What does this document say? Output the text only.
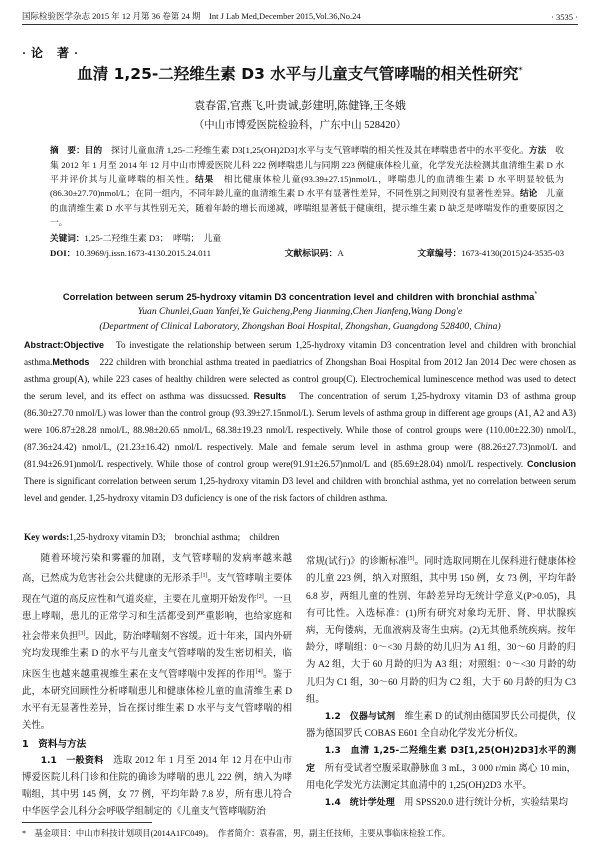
国际检验医学杂志 2015 年 12 月第 36 卷第 24 期　Int J Lab Med,December 2015,Vol.36,No.24	· 3535 ·
· 论　著 ·
血清 1,25-二羟维生素 D3 水平与儿童支气管哮喘的相关性研究*
袁春雷,官燕飞,叶贵诚,彭建明,陈健锋,王冬娥
（中山市博爱医院检验科，广东中山 528420）
摘　要：目的　 探讨儿童血清 1,25-二羟维生素 D3[1,25(OH)2D3]水平与支气管哮喘的相关性及其在哮喘患者中的水平变化。方法　 收集 2012 年 1 月至 2014 年 12 月中山市博爱医院儿科 222 例哮喘患儿与同期 223 例健康体检儿童，化学发光法检测其血清维生素 D 水平并评价其与儿童哮喘的相关性。结果　 相比健康体检儿童(93.39±27.15)nmol/L，哮喘患儿的血清维生素 D 水平明显较低为(86.30±27.70)nmol/L；在同一组内，不同年龄儿童的血清维生素 D 水平有显著性差异，不同性别之间则没有显著性差异。结论　 儿童的血清维生素 D 水平与其性别无关，随着年龄的增长而递减，哮喘组显著低于健康组，提示维生素 D 缺乏是哮喘发作的重要原因之一。
关键词：1,25-二羟维生素 D3；　哮喘；　儿童
DOI：10.3969/j.issn.1673-4130.2015.24.011	文献标识码：A	文章编号：1673-4130(2015)24-3535-03
Correlation between serum 25-hydroxy vitamin D3 concentration level and children with bronchial asthma*
Yuan Chunlei,Guan Yanfei,Ye Guicheng,Peng Jianming,Chen Jianfeng,Wang Dong'e
(Department of Clinical Laboratory, Zhongshan Boai Hospital, Zhongshan, Guangdong 528400, China)
Abstract:Objective　 To investigate the relationship between serum 1,25-hydroxy vitamin D3 concentration level and children with bronchial asthma.Methods　 222 children with bronchial asthma treated in paediatrics of Zhongshan Boai Hospital from 2012 Jan 2014 Dec were chosen as asthma group(A), while 223 cases of healthy children were selected as control group(C). Electrochemical luminescence method was used to detect the serum level, and its effect on asthma was dissucssed. Results　 The concentration of serum 1,25-hydroxy vitamin D3 of asthma group (86.30±27.70 nmol/L) was lower than the control group (93.39±27.15nmol/L). Serum levels of asthma group in different age groups (A1, A2 and A3) were 106.87±28.28 nmol/L, 88.98±20.65 nmol/L, 68.38±19.23 nmol/L respectively. While those of control groups were (110.00±22.30) nmol/L, (87.36±24.42) nmol/L, (21.23±16.42) nmol/L respectively. Male and female serum level in asthma group were (88.26±27.73)nmol/L and (81.94±26.91)nmol/L respectively. While those of control group were(91.91±26.57)nmol/L and (85.69±28.04) nmol/L respectively. Conclusion　There is significant correlation between serum 1,25-hydroxy vitamin D3 level and children with bronchial asthma, yet no correlation between serum level and gender. 1,25-hydroxy vitamin D3 duficiency is one of the risk factors of children asthma.
Key words:1,25-hydroxy vitamin D3;　bronchial asthma;　children

随着环境污染和雾霾的加剧，支气管哮喘的发病率越来越高，已然成为危害社会公共健康的无形杀手[1]。支气管哮喘主要体现在气道的高反应性和气道炎症，主要在儿童期开始发作[2]。一旦患上哮喘，患儿的正常学习和生活都受到严重影响，也给家庭和社会带来负担[3]。因此，防治哮喘刻不容缓。近十年来，国内外研究均发现维生素 D 的水平与儿童支气管哮喘的发生密切相关，临床医生也越来越重视维生素在支气管哮喘中发挥的作用[4]。鉴于此，本研究回顾性分析哮喘患儿和健康体检儿童的血清维生素 D 水平有无显著性差异，旨在探讨维生素 D 水平与支气管哮喘的相关性。

1　资料与方法

1.1　一般资料　 选取 2012 年 1 月至 2014 年 12 月在中山市博爱医院儿科门诊和住院的确诊为哮喘的患儿 222 例，纳入为哮喘组，其中男 145 例，女 77 例，平均年龄 7.8 岁，所有患儿符合中华医学会儿科分会呼吸学组制定的《儿童支气管哮喘防治

常规(试行)》的诊断标准[5]。同时选取同期在儿保科进行健康体检的儿童 223 例，纳入对照组，其中男 150 例，女 73 例，平均年龄 6.8 岁，两组儿童的性别、年龄差异均无统计学意义(P>0.05)，具有可比性。入选标准：(1)所有研究对象均无肝、肾、甲状腺疾病，无佝偻病，无血液病及寄生虫病。(2)无其他系统疾病。按年龄分，哮喘组：0～<30 月龄的幼儿归为 A1 组，30～60 月龄的归为 A2 组，大于 60 月龄的归为 A3 组；对照组：0～<30 月龄的幼儿归为 C1 组，30～60 月龄的归为 C2 组，大于 60 月龄的归为 C3 组。

1.2　仪器与试剂　 维生素 D 的试剂由德国罗氏公司提供，仪器为德国罗氏 COBAS E601 全自动化学发光分析仪。

1.3　血清 1,25-二羟维生素 D3[1,25(OH)2D3]水平的测定　 所有受试者空腹采取静脉血 3 mL，3 000 r/min 离心 10 min，用电化学发光方法测定其血清中的 1,25(OH)2D3 水平。

1.4　统计学处理　 用 SPSS20.0 进行统计分析，实验结果均

*　基金项目：中山市科技计划项目(2014A1FC049)。　作者简介：袁春雷，男，副主任技师，主要从事临床检验工作。
